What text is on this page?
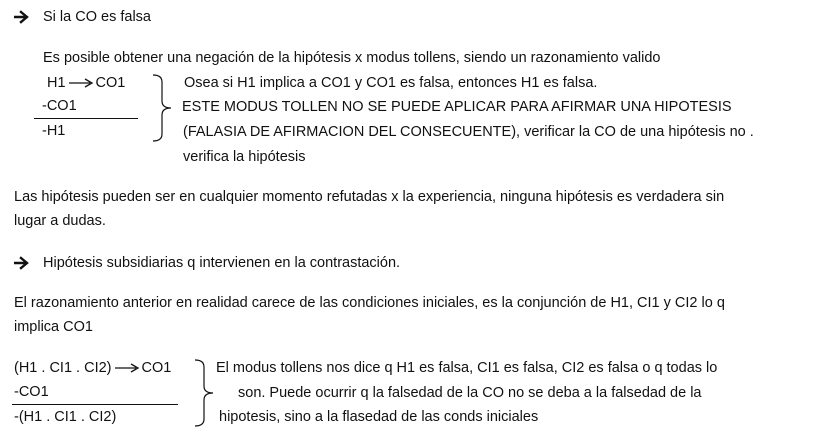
Si la CO es falsa
Es posible obtener una negación de la hipótesis x modus tollens, siendo un razonamiento valido
H1 CO1
-CO1
-H1
Osea si H1 implica a CO1 y CO1 es falsa, entonces H1 es falsa.
ESTE MODUS TOLLEN NO SE PUEDE APLICAR PARA AFIRMAR UNA HIPOTESIS
(FALASIA DE AFIRMACION DEL CONSECUENTE), verificar la CO de una hipótesis no .
verifica la hipótesis
Las hipótesis pueden ser en cualquier momento refutadas x la experiencia, ninguna hipótesis es verdadera sin
lugar a dudas.
Hipótesis subsidiarias q intervienen en la contrastación.
El razonamiento anterior en realidad carece de las condiciones iniciales, es la conjunción de H1, CI1 y CI2 lo q
implica CO1
(H1 . CI1 . CI2) CO1
-CO1
-(H1 . CI1 . CI2)
El modus tollens nos dice q H1 es falsa, CI1 es falsa, CI2 es falsa o q todas lo
son. Puede ocurrir q la falsedad de la CO no se deba a la falsedad de la
hipotesis, sino a la flasedad de las conds iniciales
